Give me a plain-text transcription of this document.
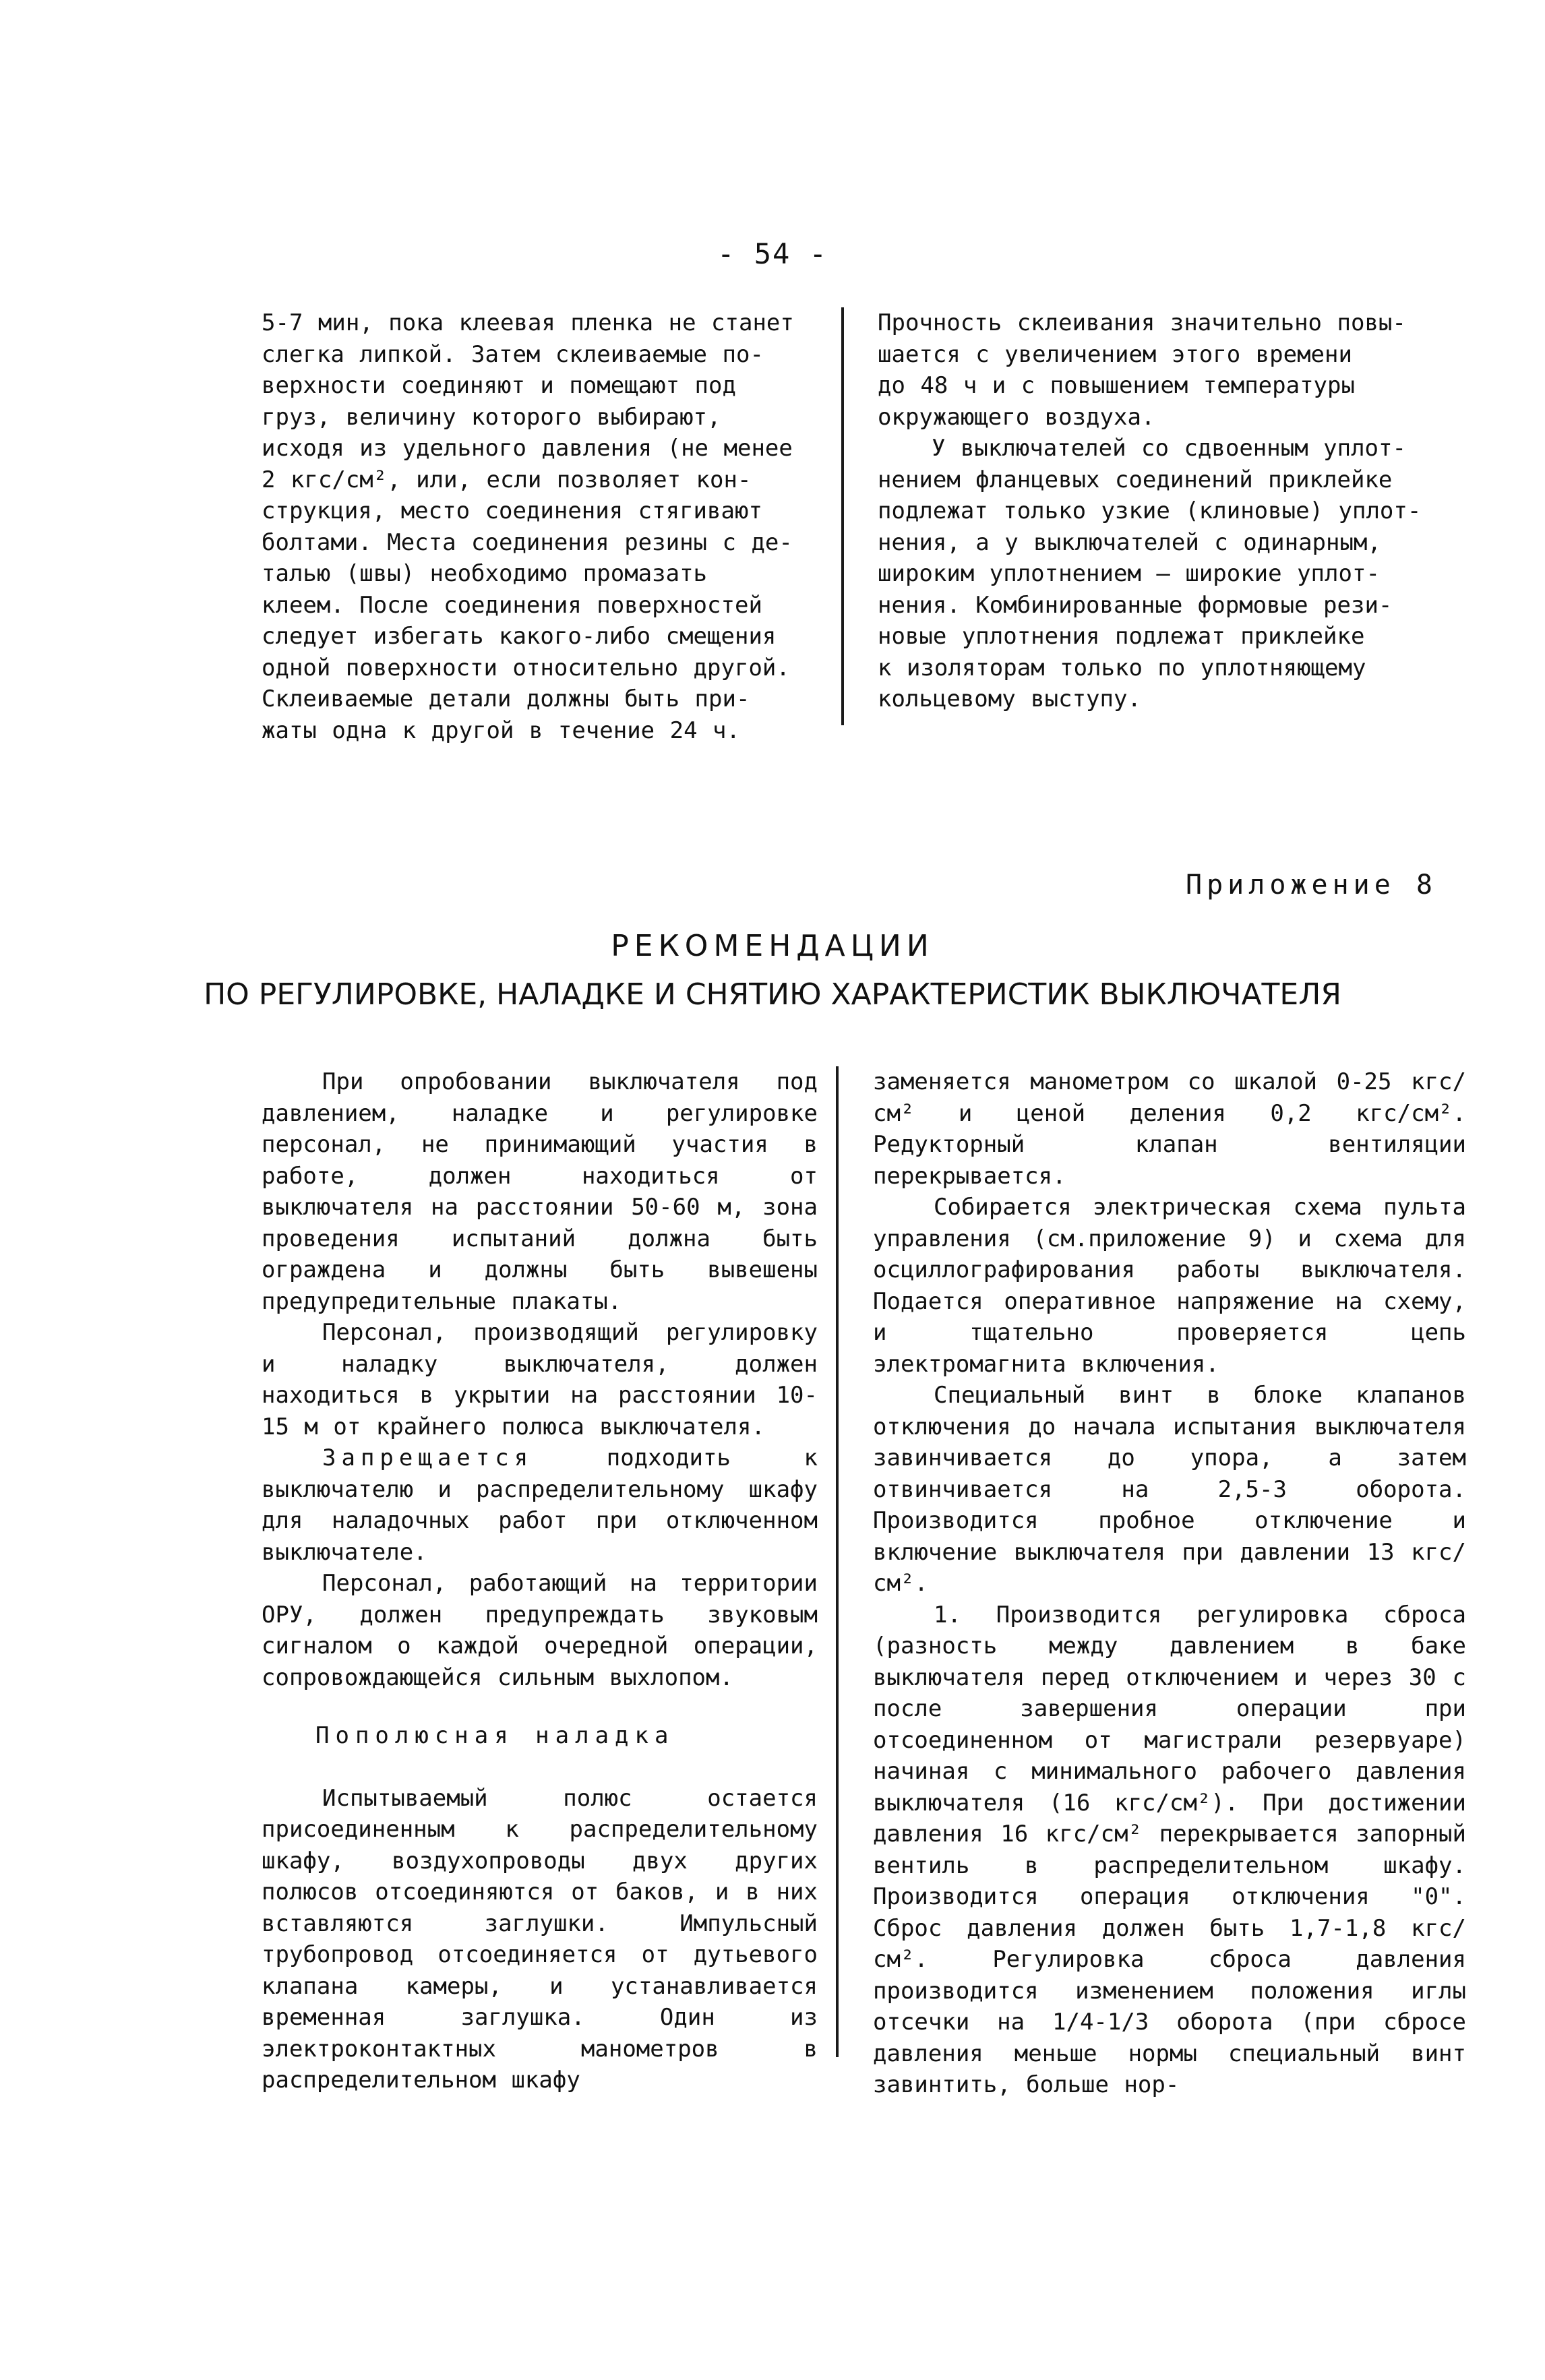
- 54 -

5-7 мин, пока клеевая пленка не станет

слегка липкой. Затем склеиваемые по-

верхности соединяют и помещают под

груз, величину которого выбирают,

исходя из удельного давления (не менее

2 кгс/см², или, если позволяет кон-

струкция, место соединения стягивают

болтами. Места соединения резины с де-

талью (швы) необходимо промазать

клеем. После соединения поверхностей

следует избегать какого-либо смещения

одной поверхности относительно другой.

Склеиваемые детали должны быть при-

жаты одна к другой в течение 24 ч.

Прочность склеивания значительно повы-

шается с увеличением этого времени

до 48 ч и с повышением температуры

окружающего воздуха.

У выключателей со сдвоенным уплот-

нением фланцевых соединений приклейке

подлежат только узкие (клиновые) уплот-

нения, а у выключателей с одинарным,

широким уплотнением — широкие уплот-

нения. Комбинированные формовые рези-

новые уплотнения подлежат приклейке

к изоляторам только по уплотняющему

кольцевому выступу.

Приложение 8
РЕКОМЕНДАЦИИ
ПО РЕГУЛИРОВКЕ, НАЛАДКЕ И СНЯТИЮ ХАРАКТЕРИСТИК ВЫКЛЮЧАТЕЛЯ

При опробовании выключателя под давлением, наладке и регулировке персонал, не принимающий участия в работе, должен находиться от выключателя на расстоянии 50-60 м, зона проведения испытаний должна быть ограждена и должны быть вывешены предупредительные плакаты.

Персонал, производящий регулировку и наладку выключателя, должен находиться в укрытии на расстоянии 10-15 м от крайнего полюса выключателя.

Запрещается подходить к выключателю и распределительному шкафу для наладочных работ при отключенном выключателе.

Персонал, работающий на территории ОРУ, должен предупреждать звуковым сигналом о каждой очередной операции, сопровождающейся сильным выхлопом.

Пополюсная наладка

Испытываемый полюс остается присоединенным к распределительному шкафу, воздухопроводы двух других полюсов отсоединяются от баков, и в них вставляются заглушки. Импульсный трубопровод отсоединяется от дутьевого клапана камеры, и устанавливается временная заглушка. Один из электроконтактных манометров в распределительном шкафу

заменяется манометром со шкалой 0-25 кгс/см² и ценой деления 0,2 кгс/см². Редукторный клапан вентиляции перекрывается.

Собирается электрическая схема пульта управления (см.приложение 9) и схема для осциллографирования работы выключателя. Подается оперативное напряжение на схему, и тщательно проверяется цепь электромагнита включения.

Специальный винт в блоке клапанов отключения до начала испытания выключателя завинчивается до упора, а затем отвинчивается на 2,5-3 оборота. Производится пробное отключение и включение выключателя при давлении 13 кгс/см².

1. Производится регулировка сброса (разность между давлением в баке выключателя перед отключением и через 30 с после завершения операции при отсоединенном от магистрали резервуаре) начиная с минимального рабочего давления выключателя (16 кгс/см²). При достижении давления 16 кгс/см² перекрывается запорный вентиль в распределительном шкафу. Производится операция отключения "0". Сброс давления должен быть 1,7-1,8 кгс/см². Регулировка сброса давления производится изменением положения иглы отсечки на 1/4-1/3 оборота (при сбросе давления меньше нормы специальный винт завинтить, больше нор-
